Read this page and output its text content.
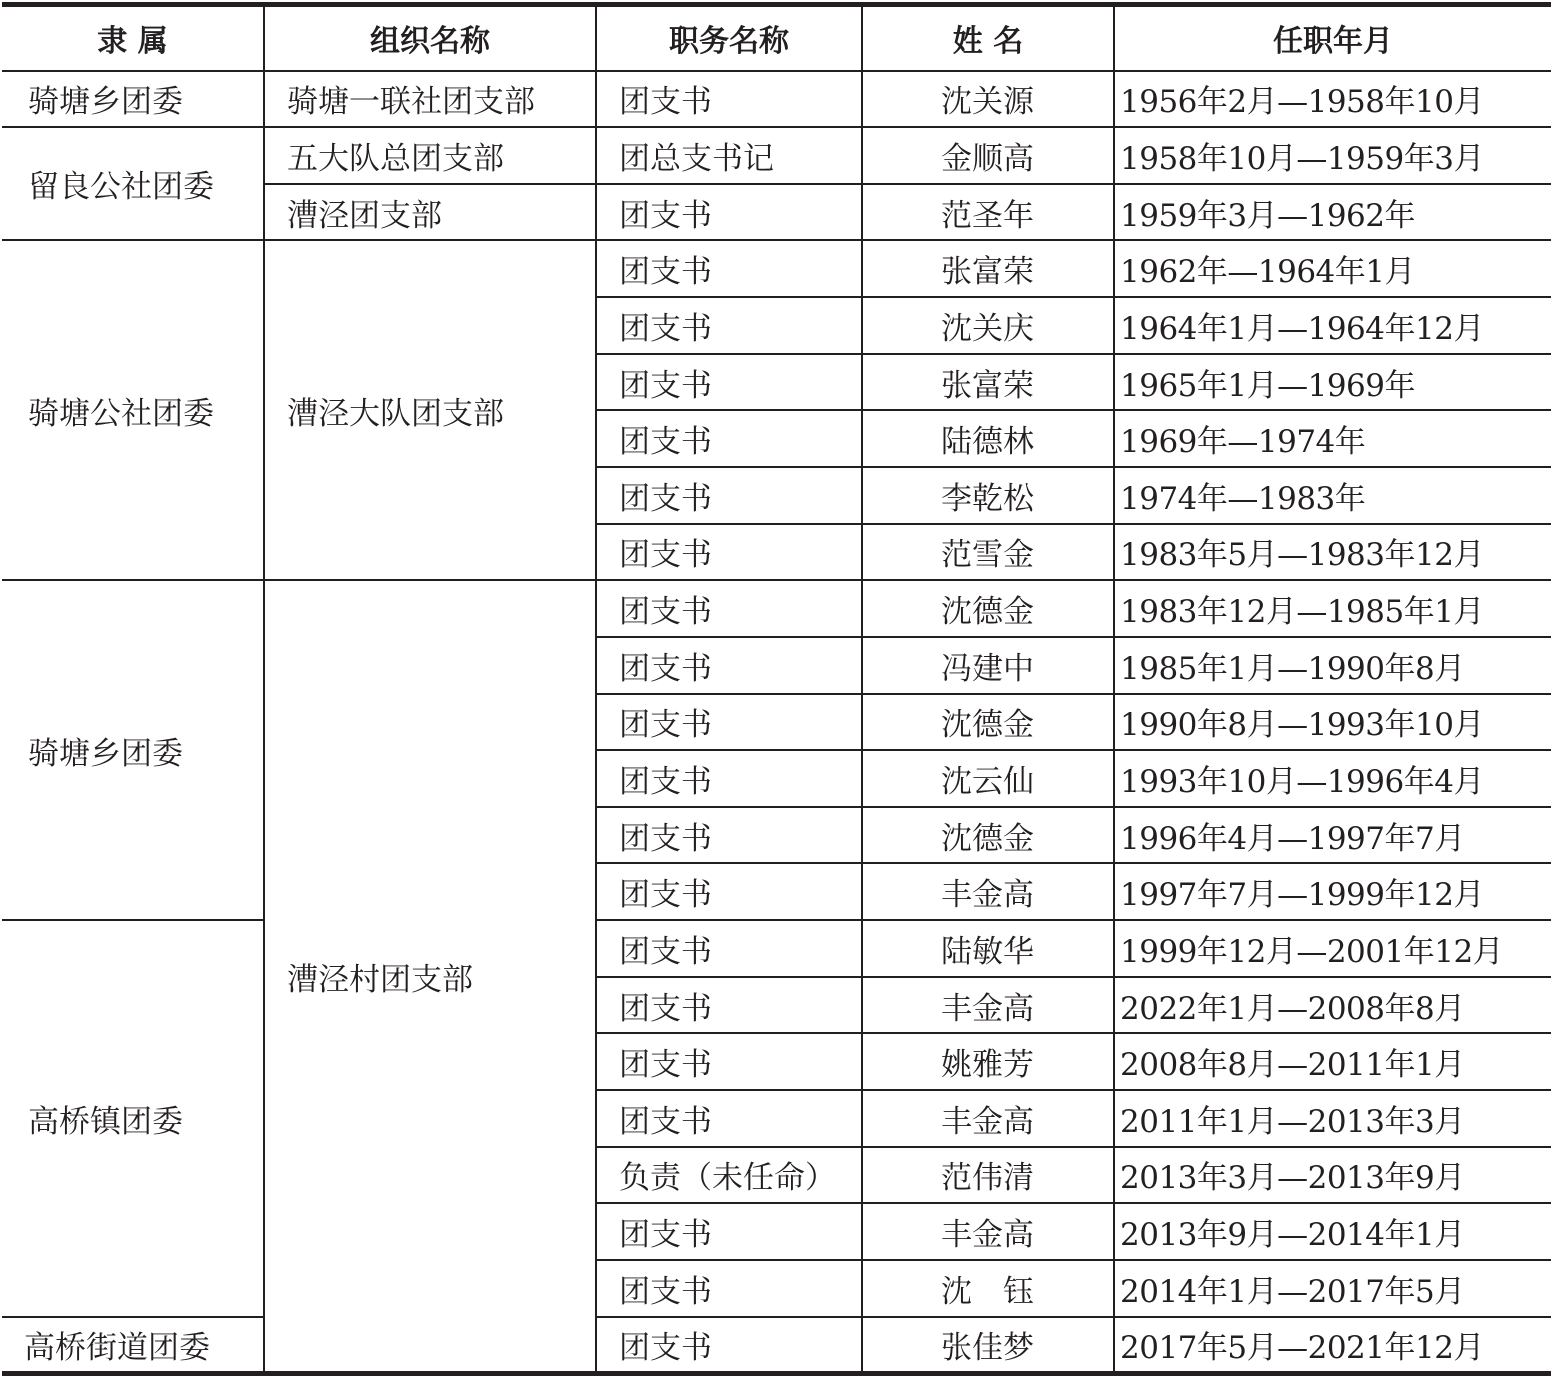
隶 属	组织名称	职务名称	姓 名	任职年月
骑塘乡团委	骑塘一联社团支部	团支书	沈关源	1956年2月—1958年10月
留良公社团委	五大队总团支部	团总支书记	金顺高	1958年10月—1959年3月
	漕泾团支部	团支书	范圣年	1959年3月—1962年
骑塘公社团委	漕泾大队团支部	团支书	张富荣	1962年—1964年1月
		团支书	沈关庆	1964年1月—1964年12月
		团支书	张富荣	1965年1月—1969年
		团支书	陆德林	1969年—1974年
		团支书	李乾松	1974年—1983年
		团支书	范雪金	1983年5月—1983年12月
骑塘乡团委	漕泾村团支部	团支书	沈德金	1983年12月—1985年1月
		团支书	冯建中	1985年1月—1990年8月
		团支书	沈德金	1990年8月—1993年10月
		团支书	沈云仙	1993年10月—1996年4月
		团支书	沈德金	1996年4月—1997年7月
		团支书	丰金高	1997年7月—1999年12月
高桥镇团委		团支书	陆敏华	1999年12月—2001年12月
		团支书	丰金高	2022年1月—2008年8月
		团支书	姚雅芳	2008年8月—2011年1月
		团支书	丰金高	2011年1月—2013年3月
		负责（未任命）	范伟清	2013年3月—2013年9月
		团支书	丰金高	2013年9月—2014年1月
		团支书	沈　钰	2014年1月—2017年5月
高桥街道团委		团支书	张佳梦	2017年5月—2021年12月
